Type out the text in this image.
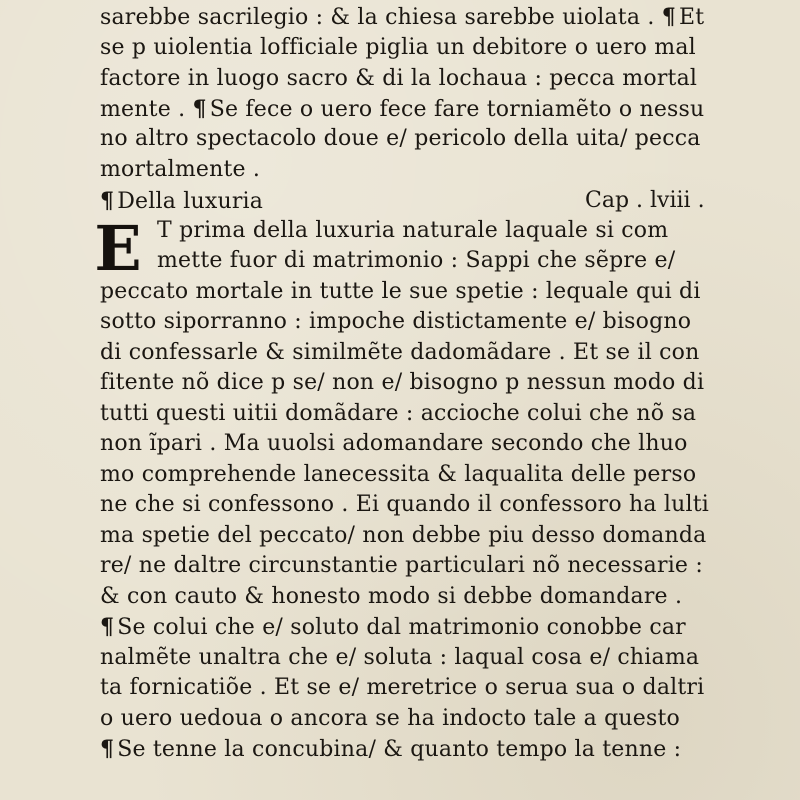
sarebbe sacrilegio : & la chiesa sarebbe uiolata . ¶ Et
se p uiolentia lofficiale piglia un debitore o uero mal
factore in luogo sacro & di la lochaua : pecca mortal
mente . ¶ Se fece o uero fece fare torniamẽto o nessu
no altro spectacolo doue e/ pericolo della uita/ pecca
mortalmente .
¶ Della luxuria	Cap . lviii .
E T prima della luxuria naturale laquale si com
mette fuor di matrimonio : Sappi che sẽpre e/
peccato mortale in tutte le sue spetie : lequale qui di
sotto siporranno : impoche distictamente e/ bisogno
di confessarle & similmẽte dadomãdare . Et se il con
fitente nõ dice p se/ non e/ bisogno p nessun modo di
tutti questi uitii domãdare : accioche colui che nõ sa
non ĩpari . Ma uuolsi adomandare secondo che lhuo
mo comprehende lanecessita & laqualita delle perso
ne che si confessono . Ei quando il confessoro ha lulti
ma spetie del peccato/ non debbe piu desso domanda
re/ ne daltre circunstantie particulari nõ necessarie :
& con cauto & honesto modo si debbe domandare .
¶ Se colui che e/ soluto dal matrimonio conobbe car
nalmẽte unaltra che e/ soluta : laqual cosa e/ chiama
ta fornicatiõe . Et se e/ meretrice o serua sua o daltri
o uero uedoua o ancora se ha indocto tale a questo
¶ Se tenne la concubina/ & quanto tempo la tenne :
